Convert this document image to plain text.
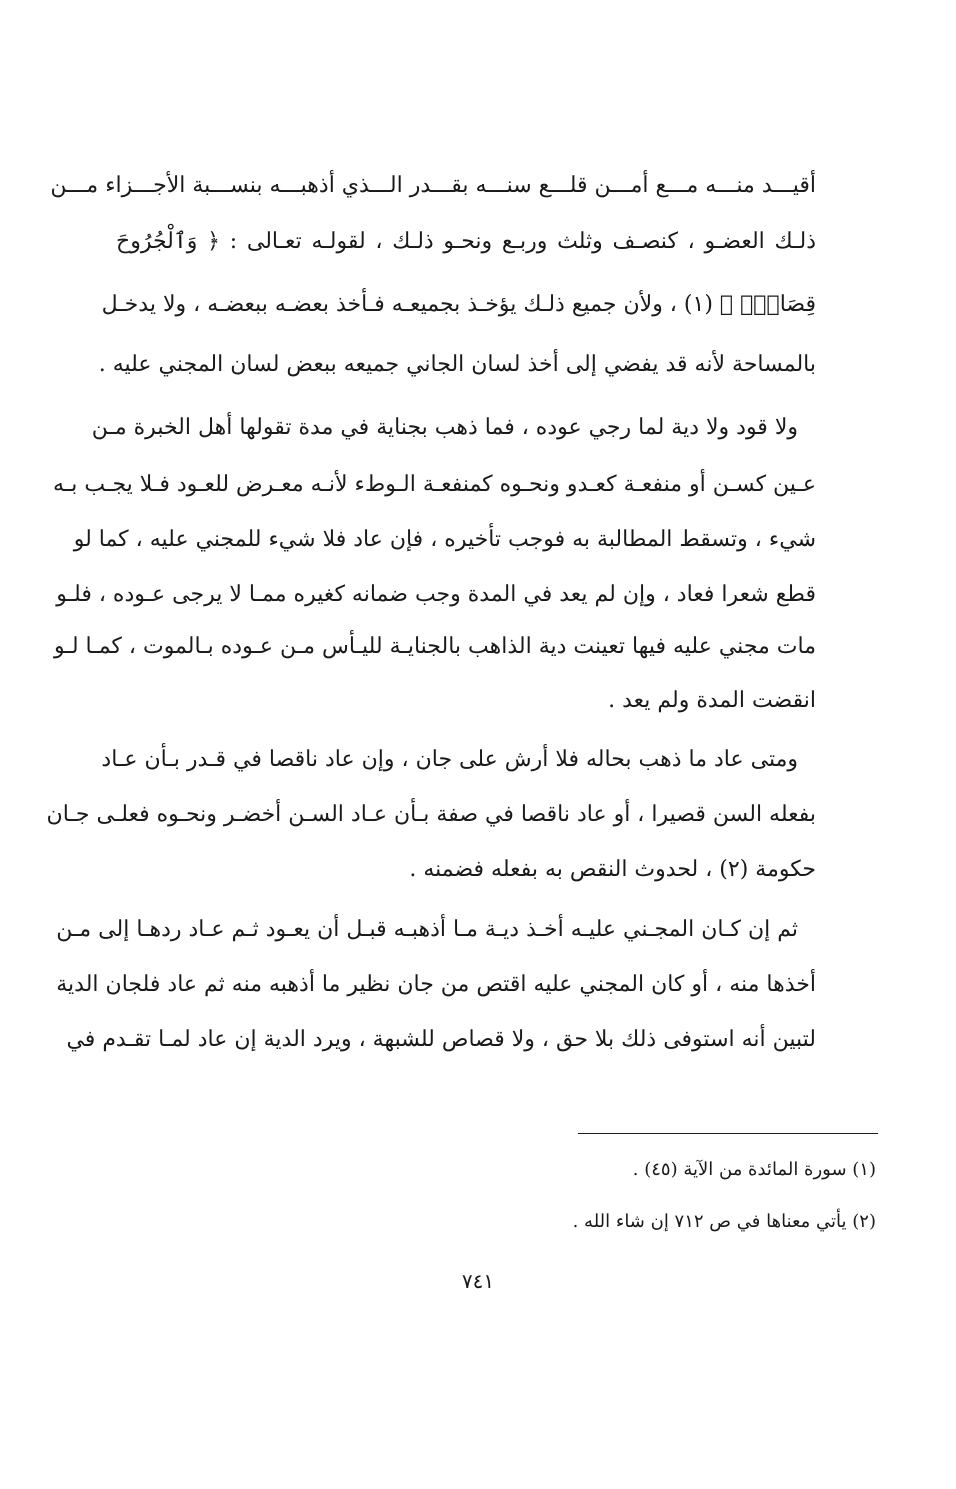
أقيـــد منـــه مـــع أمـــن قلـــع سنـــه بقـــدر الـــذي أذهبـــه بنســـبة الأجـــزاء مـــن
ذلـك العضـو ، كنصـف وثلث وربـع ونحـو ذلـك ، لقولـه تعـالى : ﴿ وَٱلْجُرُوحَ
قِصَاصٌۚ ﴾ (١) ، ولأن جميع ذلـك يؤخـذ بجميعـه فـأخذ بعضـه ببعضـه ، ولا يدخـل
بالمساحة لأنه قد يفضي إلى أخذ لسان الجاني جميعه ببعض لسان المجني عليه .
ولا قود ولا دية لما رجي عوده ، فما ذهب بجناية في مدة تقولها أهل الخبرة مـن
عـين كسـن أو منفعـة كعـدو ونحـوه كمنفعـة الـوطء لأنـه معـرض للعـود فـلا يجـب بـه
شيء ، وتسقط المطالبة به فوجب تأخيره ، فإن عاد فلا شيء للمجني عليه ، كما لو
قطع شعرا فعاد ، وإن لم يعد في المدة وجب ضمانه كغيره ممـا لا يرجى عـوده ، فلـو
مات مجني عليه فيها تعينت دية الذاهب بالجنايـة لليـأس مـن عـوده بـالموت ، كمـا لـو
انقضت المدة ولم يعد .
ومتى عاد ما ذهب بحاله فلا أرش على جان ، وإن عاد ناقصا في قـدر بـأن عـاد
بفعله السن قصيرا ، أو عاد ناقصا في صفة بـأن عـاد السـن أخضـر ونحـوه فعلـى جـان
حكومة (٢) ، لحدوث النقص به بفعله فضمنه .
ثم إن كـان المجـني عليـه أخـذ ديـة مـا أذهبـه قبـل أن يعـود ثـم عـاد ردهـا إلى مـن
أخذها منه ، أو كان المجني عليه اقتص من جان نظير ما أذهبه منه ثم عاد فلجان الدية
لتبين أنه استوفى ذلك بلا حق ، ولا قصاص للشبهة ، ويرد الدية إن عاد لمـا تقـدم في
(١) سورة المائدة من الآية (٤٥) .
(٢) يأتي معناها في ص ٧١٢ إن شاء الله .
٧٤١
